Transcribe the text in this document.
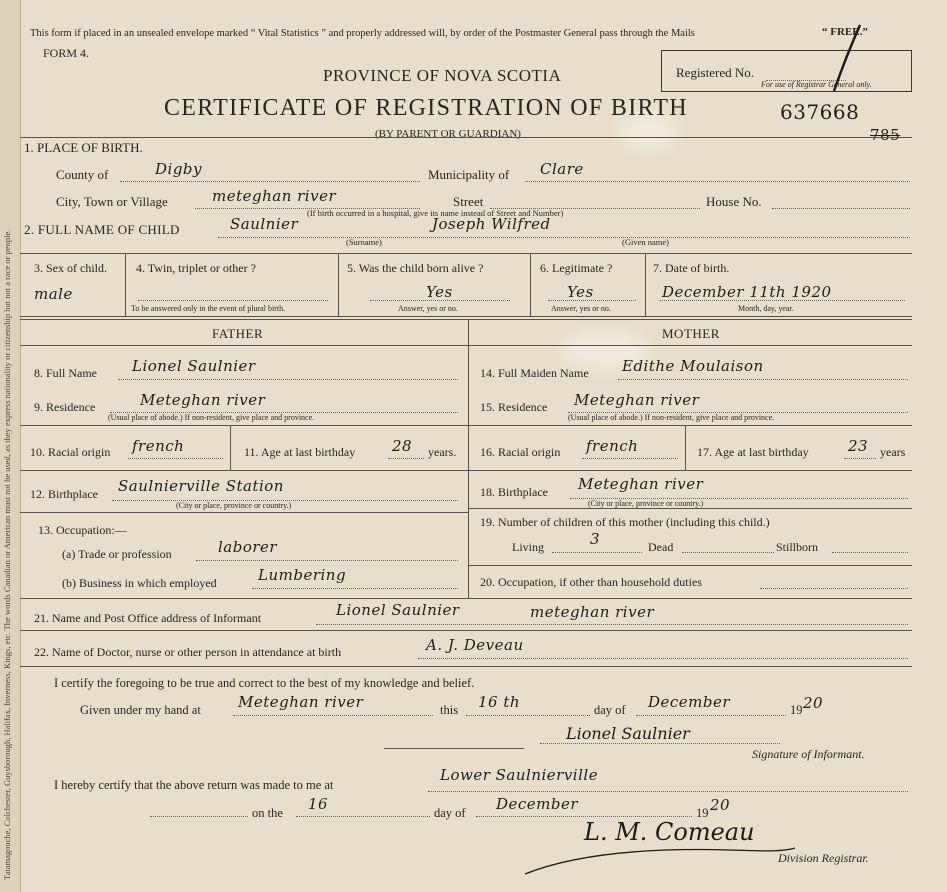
Tatamagouche, Colchester, Guysborough, Halifax, Inverness, Kings, etc. The words Canadian or American must not be used, as they express nationality or citizenship but not a race or people.
This form if placed in an unsealed envelope marked “ Vital Statistics ” and properly addressed will, by order of the Postmaster General pass through the Mails	“ FREE.”
FORM 4.
Registered No.
For use of Registrar General only.
PROVINCE OF NOVA SCOTIA
CERTIFICATE OF REGISTRATION OF BIRTH
(BY PARENT OR GUARDIAN)
637668
785
1. PLACE OF BIRTH.
County of	Digby	Municipality of Clare
City, Town or Village	meteghan river	Street	House No.
(If birth occurred in a hospital, give its name instead of Street and Number)
2. FULL NAME OF CHILD	Saulnier	Joseph Wilfred
(Surname)	(Given name)
3. Sex of child.
male
4. Twin, triplet or other ?
To be answered only in the event of plural birth.
5. Was the child born alive ?
Yes
Answer, yes or no.
6. Legitimate ?
Yes
Answer, yes or no.
7. Date of birth.
December 11th 1920
Month, day, year.
FATHER	MOTHER
8. Full Name Lionel Saulnier
9. Residence	Meteghan river
(Usual place of abode.) If non-resident, give place and province.
10. Racial origin french	11. Age at last birthday 28 years.
12. Birthplace Saulnierville Station
(City or place, province or country.)
13. Occupation:—
(a) Trade or profession	laborer
(b) Business in which employed	Lumbering
14. Full Maiden Name Edithe Moulaison
15. Residence Meteghan river
(Usual place of abode.) If non-resident, give place and province.
16. Racial origin french	17. Age at last birthday	23 years
18. Birthplace Meteghan river
(City or place, province or country.)
19. Number of children of this mother (including this child.)
Living	3	Dead	Stillborn
20. Occupation, if other than household duties
21. Name and Post Office address of Informant	Lionel Saulnier	meteghan river
22. Name of Doctor, nurse or other person in attendance at birth	A. J. Deveau
I certify the foregoing to be true and correct to the best of my knowledge and belief.
Given under my hand at Meteghan river	this 16 th	day of December	19 20
Lionel Saulnier
Signature of Informant.
I hereby certify that the above return was made to me at
Lower Saulnierville
on the 16	day of December	19 20
L. M. Comeau
Division Registrar.
